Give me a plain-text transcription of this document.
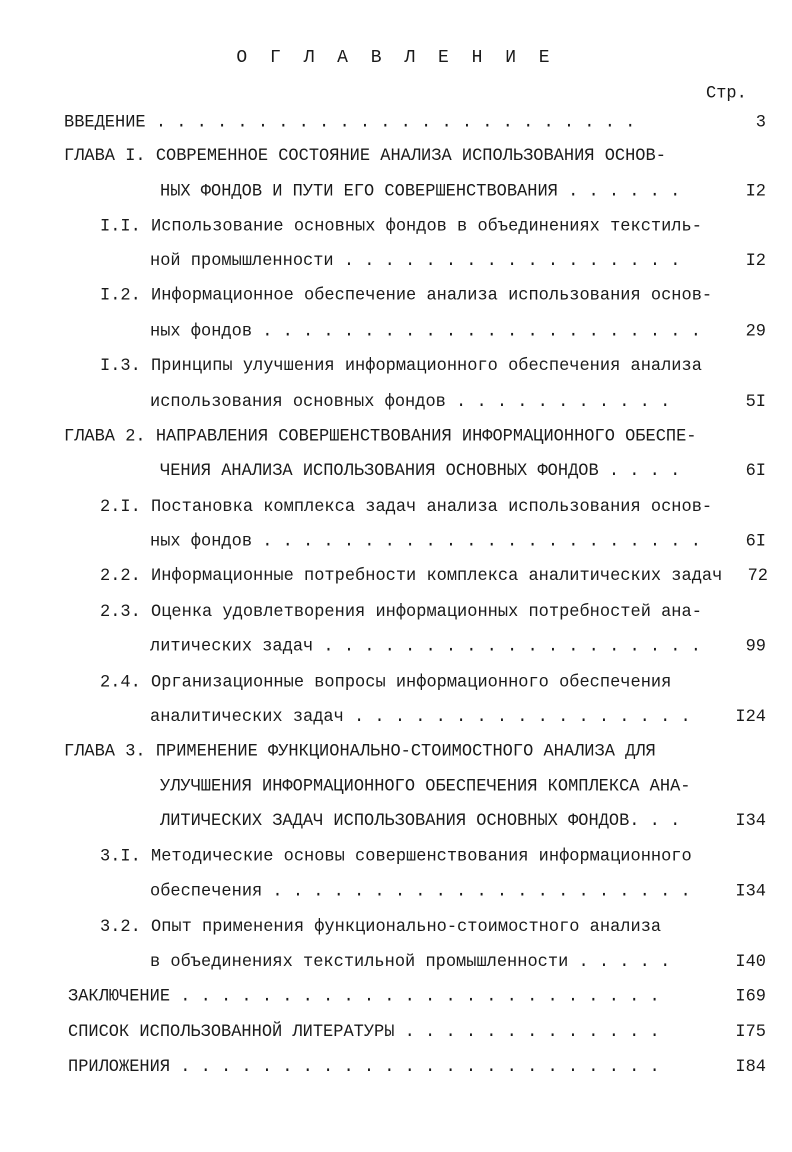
О Г Л А В Л Е Н И Е
Стр.
ВВЕДЕНИЕ . . . . . . . . . . . . . . . . . . . . . . . .	3
ГЛАВА I. СОВРЕМЕННОЕ СОСТОЯНИЕ АНАЛИЗА ИСПОЛЬЗОВАНИЯ ОСНОВ-
НЫХ ФОНДОВ И ПУТИ ЕГО СОВЕРШЕНСТВОВАНИЯ . . . . . .	I2
I.I. Использование основных фондов в объединениях текстиль-
ной промышленности . . . . . . . . . . . . . . . . .	I2
I.2. Информационное обеспечение анализа использования основ-
ных фондов . . . . . . . . . . . . . . . . . . . . . .	29
I.3. Принципы улучшения информационного обеспечения анализа
использования основных фондов . . . . . . . . . . .	5I
ГЛАВА 2. НАПРАВЛЕНИЯ СОВЕРШЕНСТВОВАНИЯ ИНФОРМАЦИОННОГО ОБЕСПЕ-
ЧЕНИЯ АНАЛИЗА ИСПОЛЬЗОВАНИЯ ОСНОВНЫХ ФОНДОВ . . . .	6I
2.I. Постановка комплекса задач анализа использования основ-
ных фондов . . . . . . . . . . . . . . . . . . . . . .	6I
2.2. Информационные потребности комплекса аналитических задач	72
2.3. Оценка удовлетворения информационных потребностей ана-
литических задач . . . . . . . . . . . . . . . . . . .	99
2.4. Организационные вопросы информационного обеспечения
аналитических задач . . . . . . . . . . . . . . . . .	I24
ГЛАВА 3. ПРИМЕНЕНИЕ ФУНКЦИОНАЛЬНО-СТОИМОСТНОГО АНАЛИЗА ДЛЯ
УЛУЧШЕНИЯ ИНФОРМАЦИОННОГО ОБЕСПЕЧЕНИЯ КОМПЛЕКСА АНА-
ЛИТИЧЕСКИХ ЗАДАЧ ИСПОЛЬЗОВАНИЯ ОСНОВНЫХ ФОНДОВ. . .	I34
3.I. Методические основы совершенствования информационного
обеспечения . . . . . . . . . . . . . . . . . . . . .	I34
3.2. Опыт применения функционально-стоимостного анализа
в объединениях текстильной промышленности . . . . .	I40
ЗАКЛЮЧЕНИЕ . . . . . . . . . . . . . . . . . . . . . . . .	I69
СПИСОК ИСПОЛЬЗОВАННОЙ ЛИТЕРАТУРЫ . . . . . . . . . . . . .	I75
ПРИЛОЖЕНИЯ . . . . . . . . . . . . . . . . . . . . . . . .	I84
